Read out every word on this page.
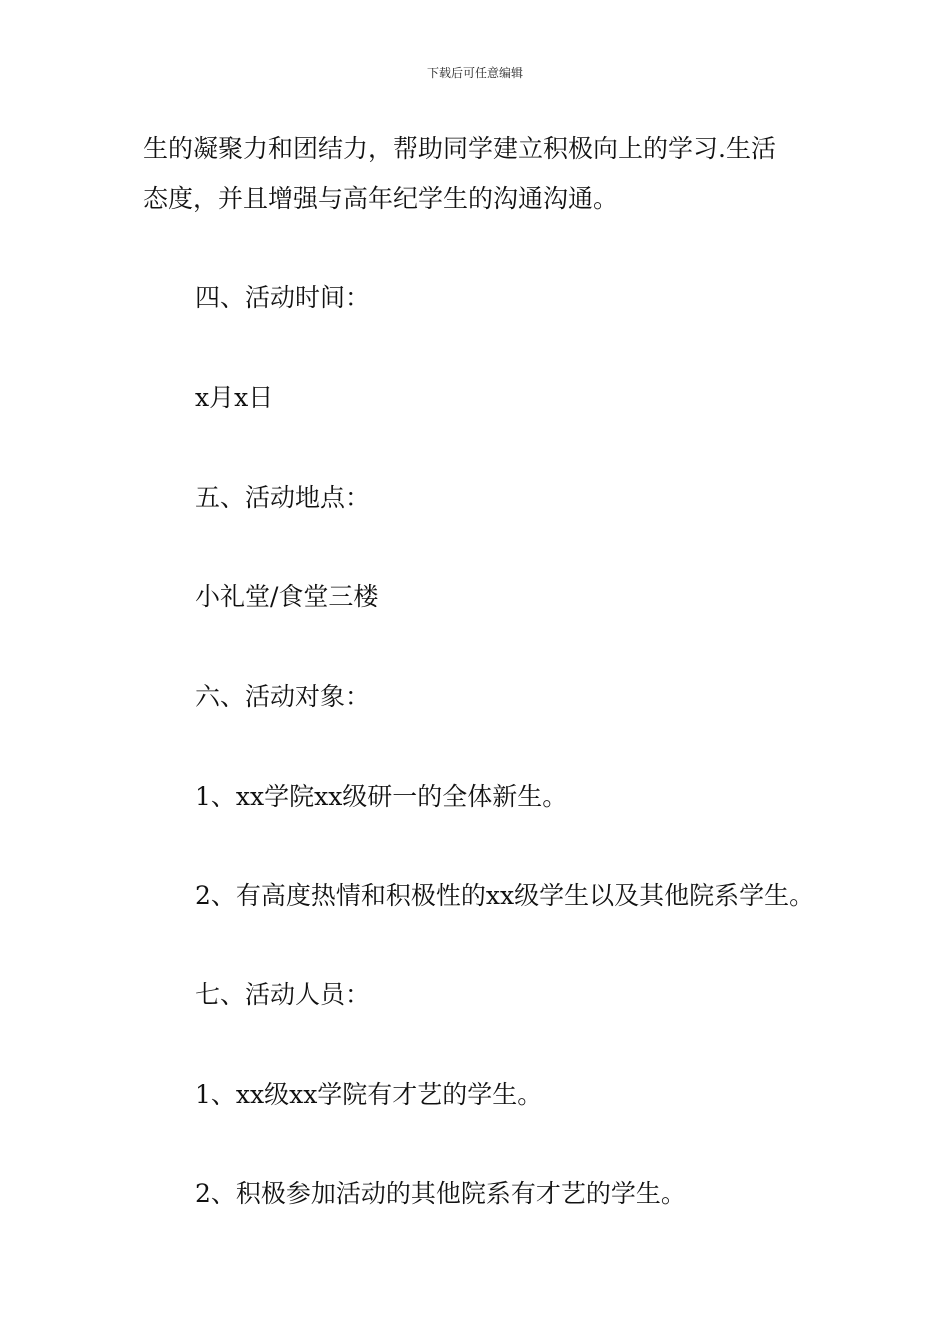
下载后可任意编辑
生的凝聚力和团结力，帮助同学建立积极向上的学习.生活
态度，并且增强与高年纪学生的沟通沟通。
四、活动时间：
x月x日
五、活动地点：
小礼堂/食堂三楼
六、活动对象：
1、xx学院xx级研一的全体新生。
2、有高度热情和积极性的xx级学生以及其他院系学生。
七、活动人员：
1、xx级xx学院有才艺的学生。
2、积极参加活动的其他院系有才艺的学生。
